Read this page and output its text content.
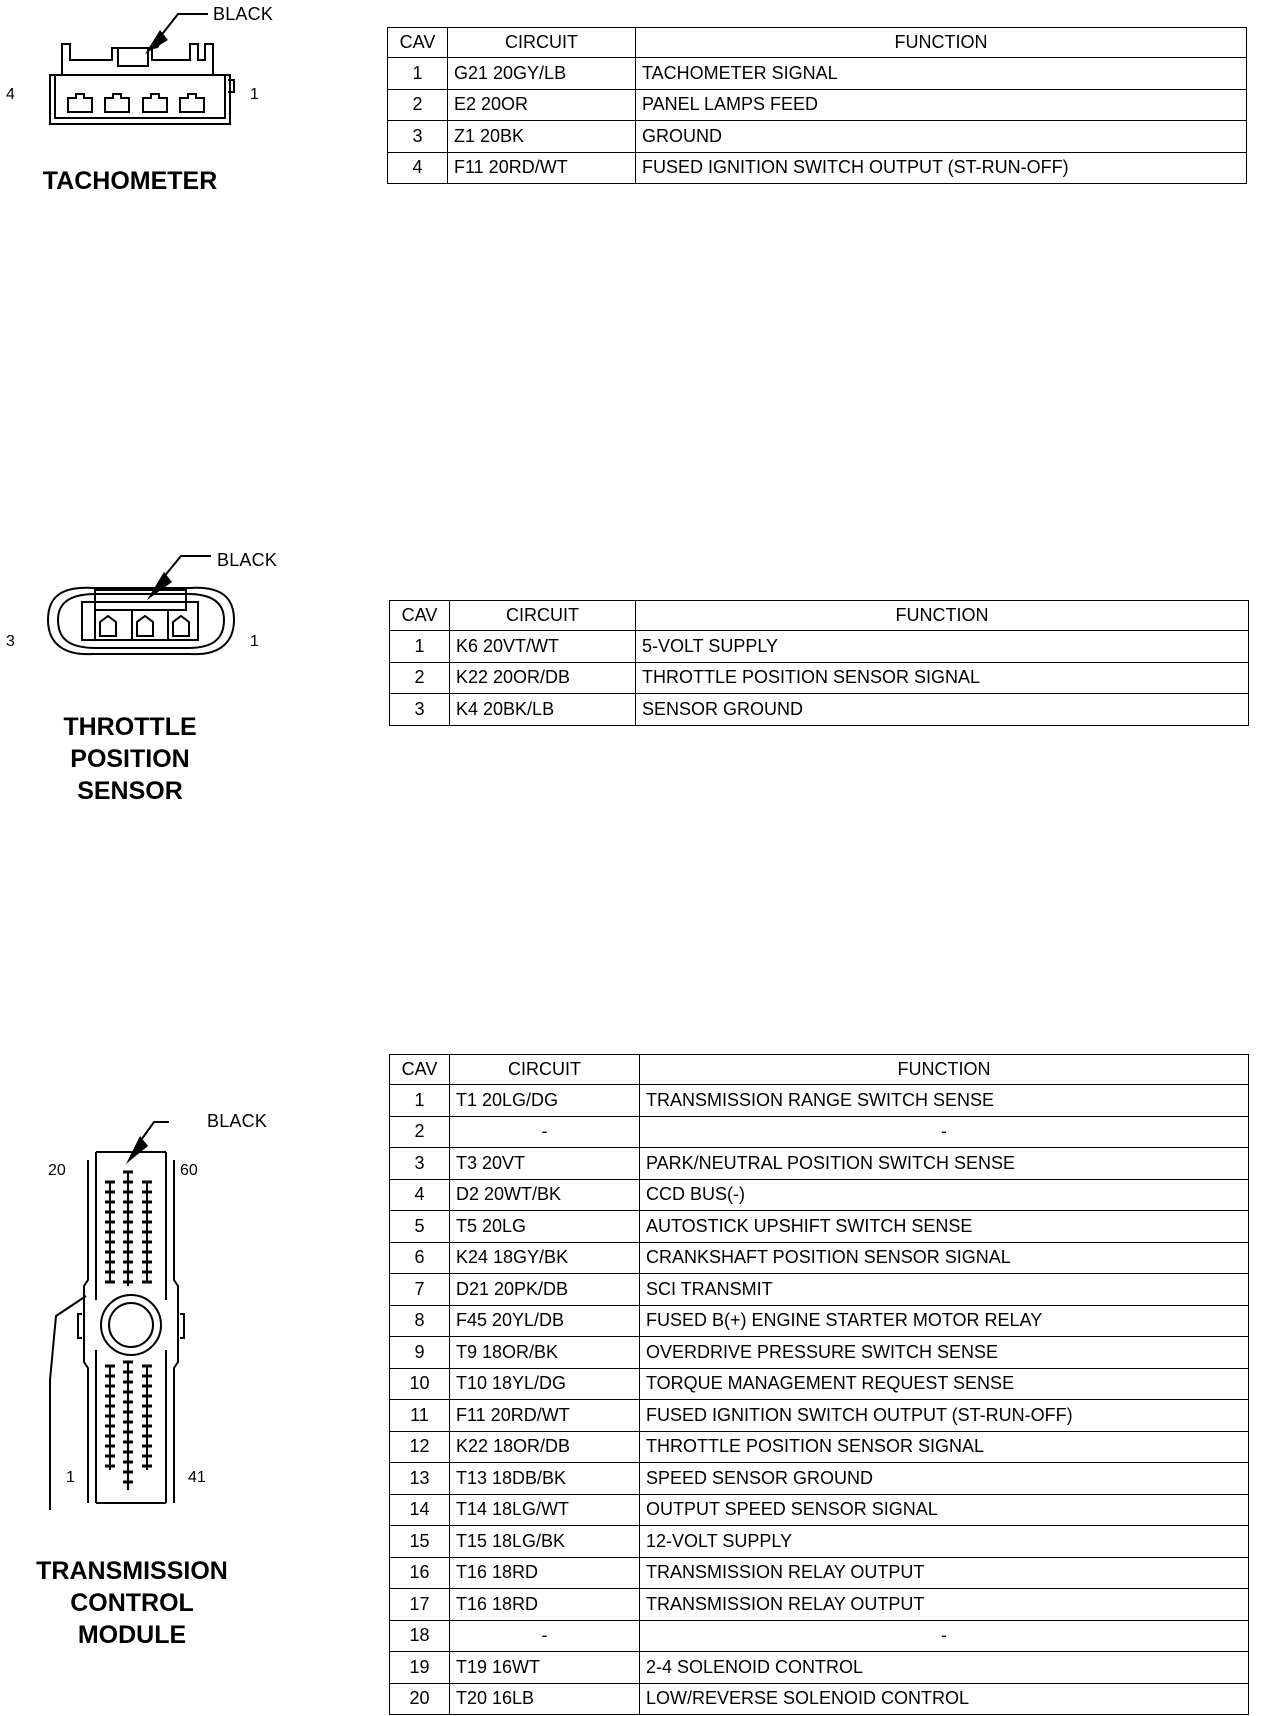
BLACK
4	1
TACHOMETER
CAV	CIRCUIT	FUNCTION
1	G21 20GY/LB	TACHOMETER SIGNAL
2	E2 20OR	PANEL LAMPS FEED
3	Z1 20BK	GROUND
4	F11 20RD/WT	FUSED IGNITION SWITCH OUTPUT (ST-RUN-OFF)
BLACK
3	1
THROTTLE
POSITION
SENSOR
CAV	CIRCUIT	FUNCTION
1	K6 20VT/WT	5-VOLT SUPPLY
2	K22 20OR/DB	THROTTLE POSITION SENSOR SIGNAL
3	K4 20BK/LB	SENSOR GROUND
BLACK
20	60
1	41
TRANSMISSION
CONTROL
MODULE
CAV	CIRCUIT	FUNCTION
1	T1 20LG/DG	TRANSMISSION RANGE SWITCH SENSE
2	-	-
3	T3 20VT	PARK/NEUTRAL POSITION SWITCH SENSE
4	D2 20WT/BK	CCD BUS(-)
5	T5 20LG	AUTOSTICK UPSHIFT SWITCH SENSE
6	K24 18GY/BK	CRANKSHAFT POSITION SENSOR SIGNAL
7	D21 20PK/DB	SCI TRANSMIT
8	F45 20YL/DB	FUSED B(+) ENGINE STARTER MOTOR RELAY
9	T9 18OR/BK	OVERDRIVE PRESSURE SWITCH SENSE
10	T10 18YL/DG	TORQUE MANAGEMENT REQUEST SENSE
11	F11 20RD/WT	FUSED IGNITION SWITCH OUTPUT (ST-RUN-OFF)
12	K22 18OR/DB	THROTTLE POSITION SENSOR SIGNAL
13	T13 18DB/BK	SPEED SENSOR GROUND
14	T14 18LG/WT	OUTPUT SPEED SENSOR SIGNAL
15	T15 18LG/BK	12-VOLT SUPPLY
16	T16 18RD	TRANSMISSION RELAY OUTPUT
17	T16 18RD	TRANSMISSION RELAY OUTPUT
18	-	-
19	T19 16WT	2-4 SOLENOID CONTROL
20	T20 16LB	LOW/REVERSE SOLENOID CONTROL
